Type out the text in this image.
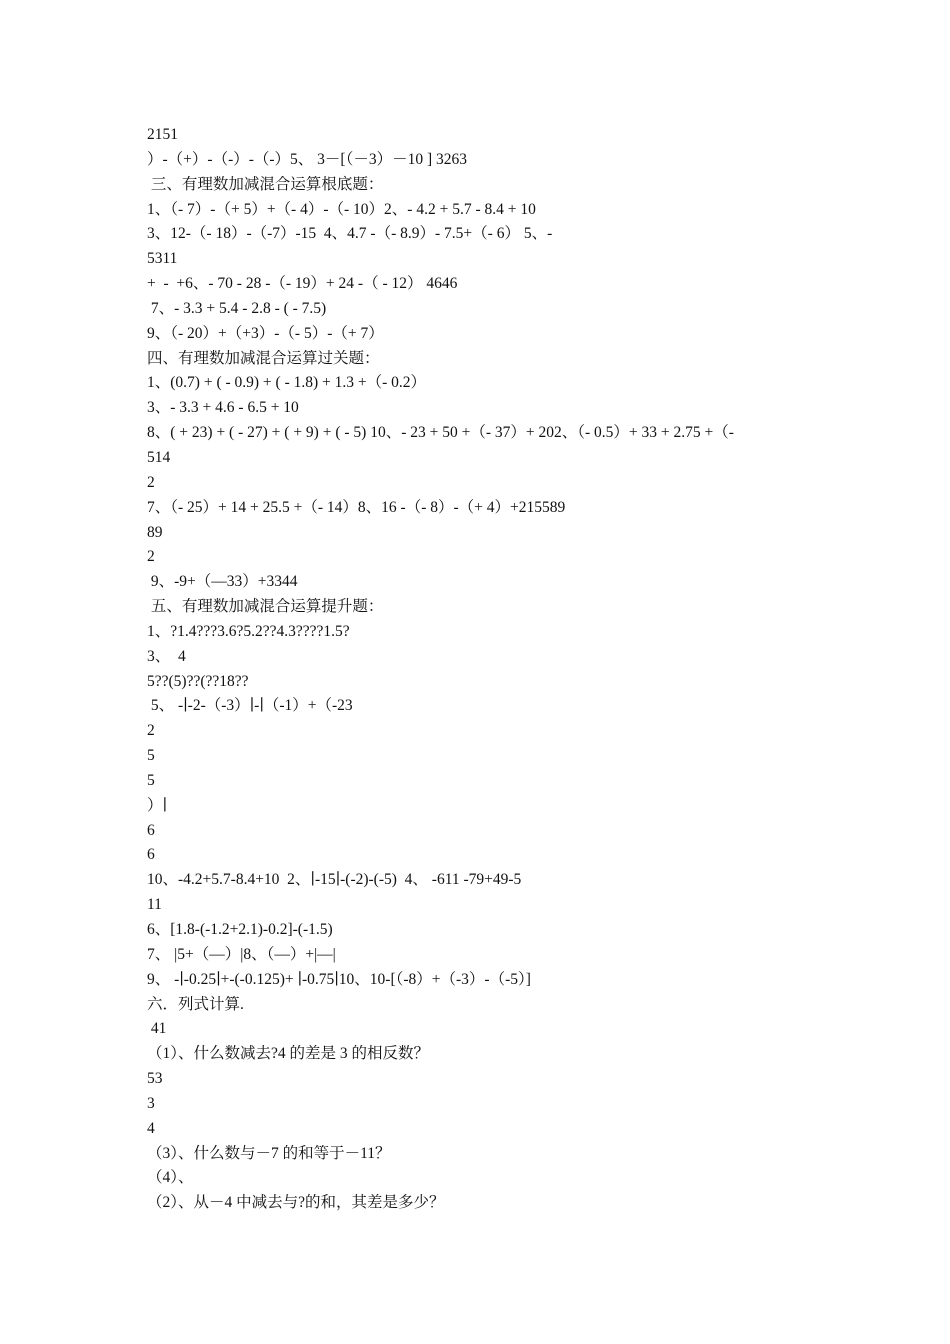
2151
）-（+）-（-）-（-）5、 3－[（－3）－10 ] 3263
三、有理数加减混合运算根底题：
1、（- 7）-（+ 5）+（- 4）-（- 10）2、- 4.2 + 5.7 - 8.4 + 10
3、12-（- 18）-（-7）-15  4、4.7 -（- 8.9）- 7.5+（- 6） 5、-
5311
+  -  +6、- 70 - 28 -（- 19）+ 24 -（ - 12） 4646
7、- 3.3 + 5.4 - 2.8 - ( - 7.5)
9、（- 20）+（+3）-（- 5）-（+ 7）
四、有理数加减混合运算过关题：
1、(0.7) + ( - 0.9) + ( - 1.8) + 1.3 +（- 0.2）
3、- 3.3 + 4.6 - 6.5 + 10
8、( + 23) + ( - 27) + ( + 9) + ( - 5) 10、- 23 + 50 +（- 37）+ 202、（- 0.5）+ 33 + 2.75 +（-
514
2
7、（- 25）+ 14 + 25.5 +（- 14）8、16 -（- 8）-（+ 4）+215589
89
2
9、-9+（—33）+3344
五、有理数加减混合运算提升题：
1、?1.4???3.6?5.2??4.3????1.5?
3、  4
5??(5)??(??18??
5、 -∣-2-（-3）∣-∣（-1）+（-23
2
5
5
）∣
6
6
10、-4.2+5.7-8.4+10  2、∣-15∣-(-2)-(-5)  4、 -611 -79+49-5
11
6、[1.8-(-1.2+2.1)-0.2]-(-1.5)
7、 |5+（—）|8、（—）+|—|
9、 -∣-0.25∣+-(-0.125)+ ∣-0.75∣10、10-[（-8）+（-3）-（-5）]
六．列式计算.
41
（1）、什么数减去?4 的差是 3 的相反数？
53
3
4
（3）、什么数与－7 的和等于－11？
（4）、
（2）、从－4 中减去与?的和，其差是多少？
